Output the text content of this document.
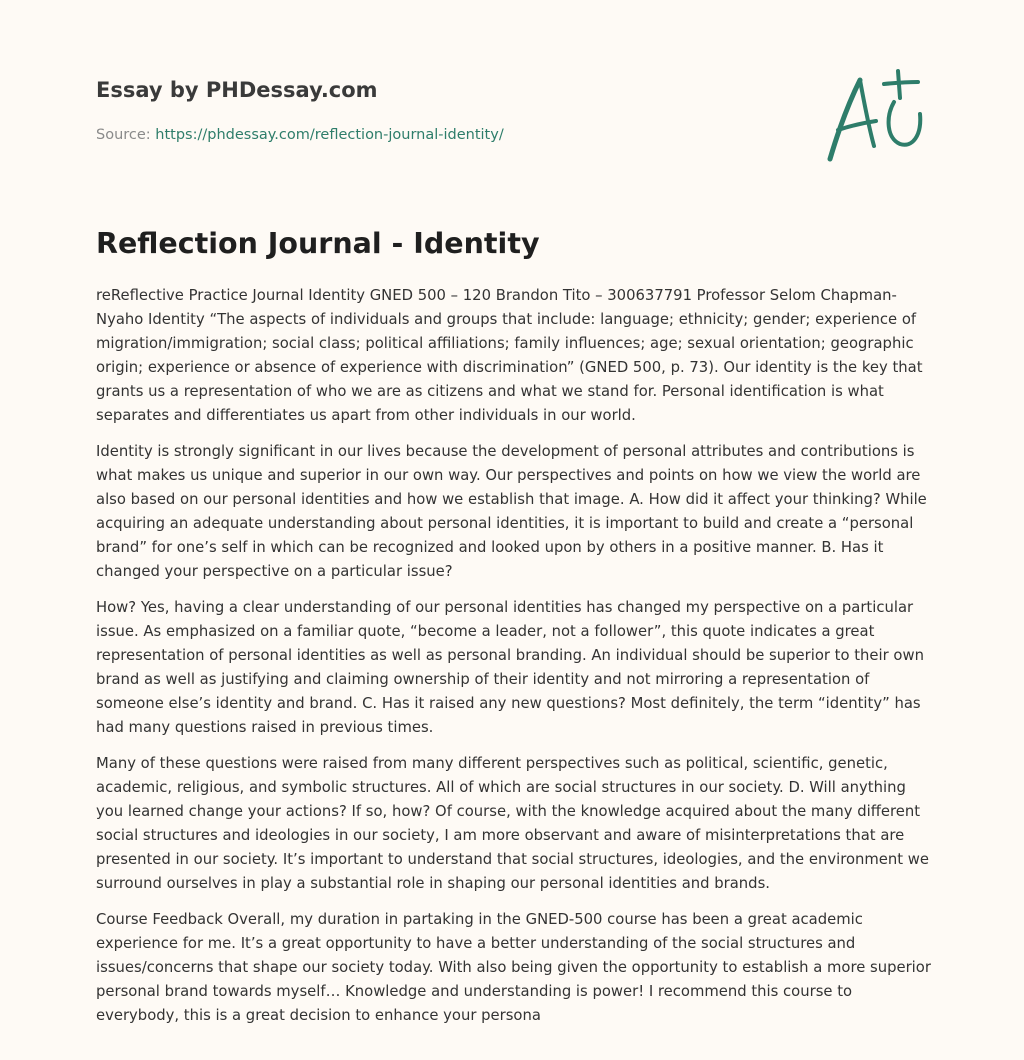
Essay by PHDessay.com
Source: https://phdessay.com/reflection-journal-identity/
Reflection Journal - Identity

reReflective Practice Journal Identity GNED 500 – 120 Brandon Tito – 300637791 Professor Selom Chapman-Nyaho Identity “The aspects of individuals and groups that include: language; ethnicity; gender; experience of migration/immigration; social class; political affiliations; family influences; age; sexual orientation; geographic origin; experience or absence of experience with discrimination” (GNED 500, p. 73). Our identity is the key that grants us a representation of who we are as citizens and what we stand for. Personal identification is what separates and differentiates us apart from other individuals in our world.

Identity is strongly significant in our lives because the development of personal attributes and contributions is what makes us unique and superior in our own way. Our perspectives and points on how we view the world are also based on our personal identities and how we establish that image. A. How did it affect your thinking? While acquiring an adequate understanding about personal identities, it is important to build and create a “personal brand” for one’s self in which can be recognized and looked upon by others in a positive manner. B. Has it changed your perspective on a particular issue?

How? Yes, having a clear understanding of our personal identities has changed my perspective on a particular issue. As emphasized on a familiar quote, “become a leader, not a follower”, this quote indicates a great representation of personal identities as well as personal branding. An individual should be superior to their own brand as well as justifying and claiming ownership of their identity and not mirroring a representation of someone else’s identity and brand. C. Has it raised any new questions? Most definitely, the term “identity” has had many questions raised in previous times.

Many of these questions were raised from many different perspectives such as political, scientific, genetic, academic, religious, and symbolic structures. All of which are social structures in our society. D. Will anything you learned change your actions? If so, how? Of course, with the knowledge acquired about the many different social structures and ideologies in our society, I am more observant and aware of misinterpretations that are presented in our society. It’s important to understand that social structures, ideologies, and the environment we surround ourselves in play a substantial role in shaping our personal identities and brands.

Course Feedback Overall, my duration in partaking in the GNED-500 course has been a great academic experience for me. It’s a great opportunity to have a better understanding of the social structures and issues/concerns that shape our society today. With also being given the opportunity to establish a more superior personal brand towards myself… Knowledge and understanding is power! I recommend this course to everybody, this is a great decision to enhance your persona
